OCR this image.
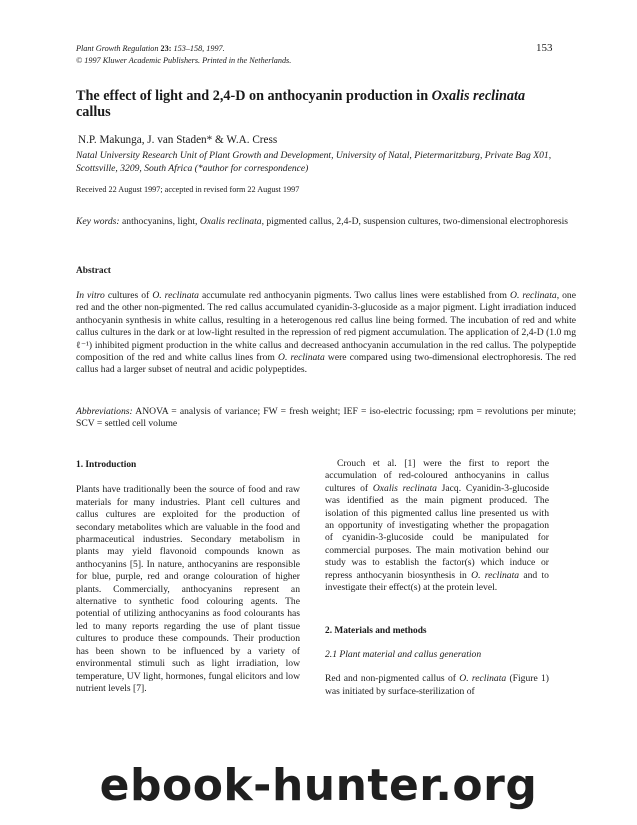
Plant Growth Regulation 23: 153–158, 1997.
© 1997 Kluwer Academic Publishers. Printed in the Netherlands.
153
The effect of light and 2,4-D on anthocyanin production in Oxalis reclinata
callus
N.P. Makunga, J. van Staden* & W.A. Cress
Natal University Research Unit of Plant Growth and Development, University of Natal, Pietermaritzburg, Private Bag X01, Scottsville, 3209, South Africa (*author for correspondence)
Received 22 August 1997; accepted in revised form 22 August 1997
Key words: anthocyanins, light, Oxalis reclinata, pigmented callus, 2,4-D, suspension cultures, two-dimensional electrophoresis
Abstract
In vitro cultures of O. reclinata accumulate red anthocyanin pigments. Two callus lines were established from O. reclinata, one red and the other non-pigmented. The red callus accumulated cyanidin-3-glucoside as a major pigment. Light irradiation induced anthocyanin synthesis in white callus, resulting in a heterogenous red callus line being formed. The incubation of red and white callus cultures in the dark or at low-light resulted in the repression of red pigment accumulation. The application of 2,4-D (1.0 mg ℓ⁻¹) inhibited pigment production in the white callus and decreased anthocyanin accumulation in the red callus. The polypeptide composition of the red and white callus lines from O. reclinata were compared using two-dimensional electrophoresis. The red callus had a larger subset of neutral and acidic polypeptides.
Abbreviations: ANOVA = analysis of variance; FW = fresh weight; IEF = iso-electric focussing; rpm = revolutions per minute; SCV = settled cell volume
1. Introduction
Plants have traditionally been the source of food and raw materials for many industries. Plant cell cultures and callus cultures are exploited for the production of secondary metabolites which are valuable in the food and pharmaceutical industries. Secondary metabolism in plants may yield flavonoid compounds known as anthocyanins [5]. In nature, anthocyanins are responsible for blue, purple, red and orange colouration of higher plants. Commercially, anthocyanins represent an alternative to synthetic food colouring agents. The potential of utilizing anthocyanins as food colourants has led to many reports regarding the use of plant tissue cultures to produce these compounds. Their production has been shown to be influenced by a variety of environmental stimuli such as light irradiation, low temperature, UV light, hormones, fungal elicitors and low nutrient levels [7].
Crouch et al. [1] were the first to report the accumulation of red-coloured anthocyanins in callus cultures of Oxalis reclinata Jacq. Cyanidin-3-glucoside was identified as the main pigment produced. The isolation of this pigmented callus line presented us with an opportunity of investigating whether the propagation of cyanidin-3-glucoside could be manipulated for commercial purposes. The main motivation behind our study was to establish the factor(s) which induce or repress anthocyanin biosynthesis in O. reclinata and to investigate their effect(s) at the protein level.
2. Materials and methods
2.1 Plant material and callus generation
Red and non-pigmented callus of O. reclinata (Figure 1) was initiated by surface-sterilization of
ebook-hunter.org
